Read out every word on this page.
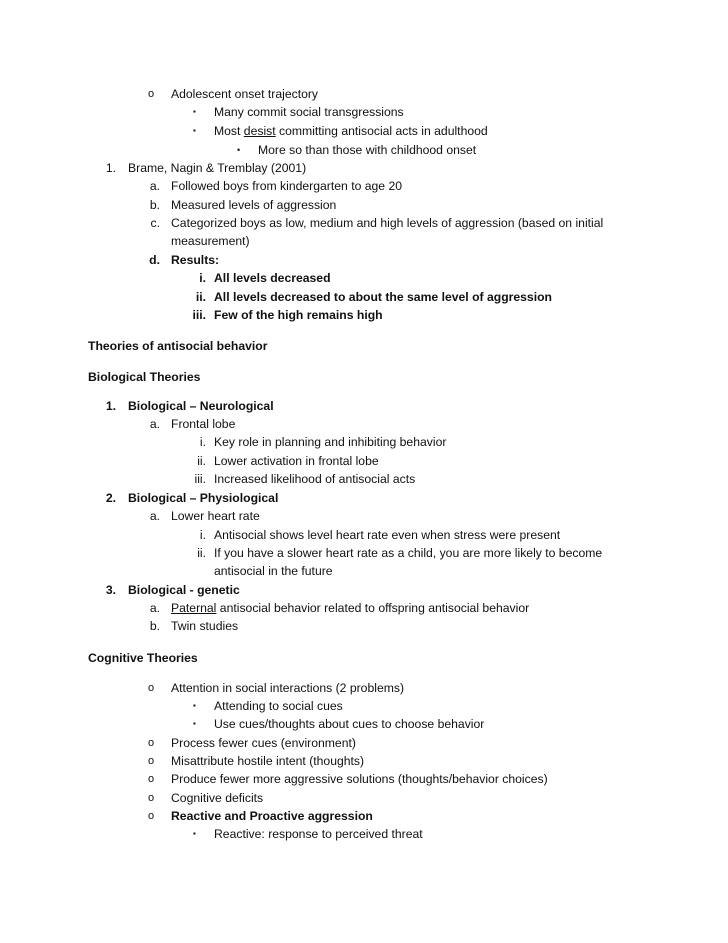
o Adolescent onset trajectory
▪ Many commit social transgressions
▪ Most desist committing antisocial acts in adulthood
• More so than those with childhood onset
1. Brame, Nagin & Tremblay (2001)
a. Followed boys from kindergarten to age 20
b. Measured levels of aggression
c. Categorized boys as low, medium and high levels of aggression (based on initial
measurement)
d. Results:
i. All levels decreased
ii. All levels decreased to about the same level of aggression
iii. Few of the high remains high
Theories of antisocial behavior
Biological Theories
1. Biological – Neurological
a. Frontal lobe
i. Key role in planning and inhibiting behavior
ii. Lower activation in frontal lobe
iii. Increased likelihood of antisocial acts
2. Biological – Physiological
a. Lower heart rate
i. Antisocial shows level heart rate even when stress were present
ii. If you have a slower heart rate as a child, you are more likely to become
antisocial in the future
3. Biological - genetic
a. Paternal antisocial behavior related to offspring antisocial behavior
b. Twin studies
Cognitive Theories
o Attention in social interactions (2 problems)
▪ Attending to social cues
▪ Use cues/thoughts about cues to choose behavior
o Process fewer cues (environment)
o Misattribute hostile intent (thoughts)
o Produce fewer more aggressive solutions (thoughts/behavior choices)
o Cognitive deficits
o Reactive and Proactive aggression
▪ Reactive: response to perceived threat
